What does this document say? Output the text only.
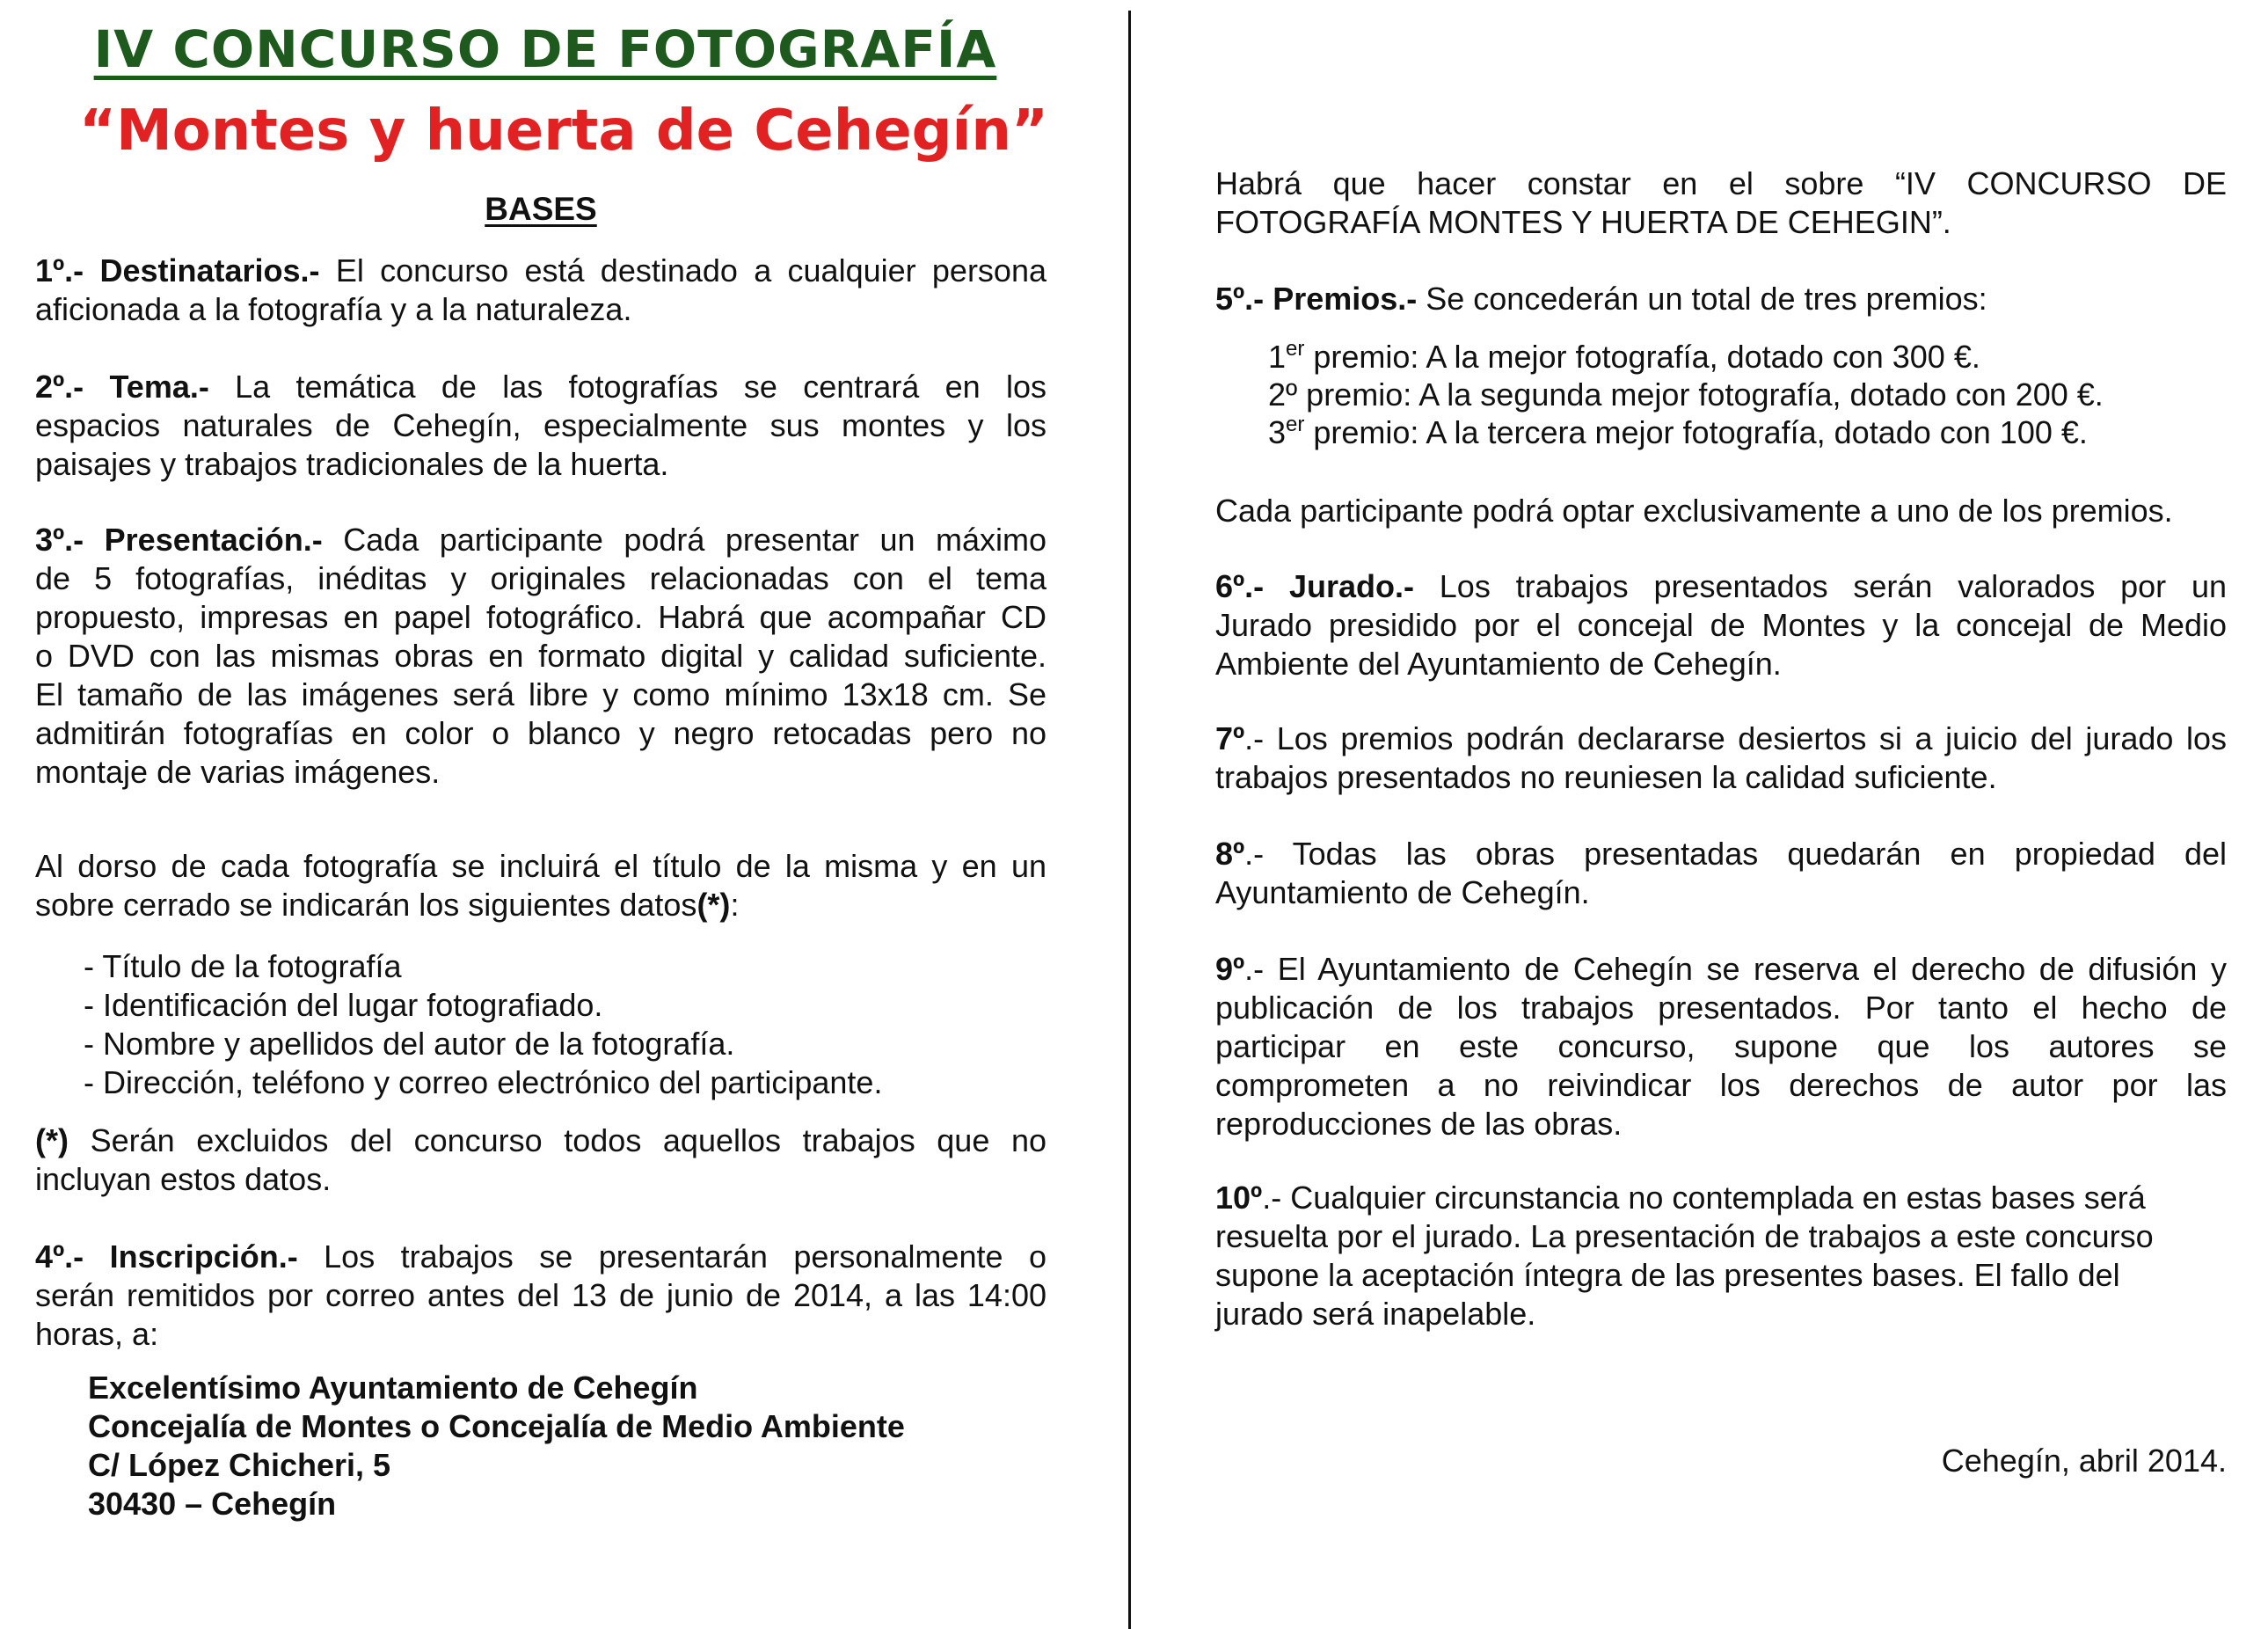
IV CONCURSO DE FOTOGRAFÍA
“Montes y huerta de Cehegín”
BASES
1º.- Destinatarios.- El concurso está destinado a cualquier persona
aficionada a la fotografía y a la naturaleza.
2º.- Tema.- La temática de las fotografías se centrará en los
espacios naturales de Cehegín, especialmente sus montes y los
paisajes y trabajos tradicionales de la huerta.
3º.- Presentación.- Cada participante podrá presentar un máximo
de 5 fotografías, inéditas y originales relacionadas con el tema
propuesto, impresas en papel fotográfico. Habrá que acompañar CD
o DVD con las mismas obras en formato digital y calidad suficiente.
El tamaño de las imágenes será libre y como mínimo 13x18 cm. Se
admitirán fotografías en color o blanco y negro retocadas pero no
montaje de varias imágenes.
Al dorso de cada fotografía se incluirá el título de la misma y en un
sobre cerrado se indicarán los siguientes datos(*):
- Título de la fotografía
- Identificación del lugar fotografiado.
- Nombre y apellidos del autor de la fotografía.
- Dirección, teléfono y correo electrónico del participante.
(*) Serán excluidos del concurso todos aquellos trabajos que no
incluyan estos datos.
4º.- Inscripción.- Los trabajos se presentarán personalmente o
serán remitidos por correo antes del 13 de junio de 2014, a las 14:00
horas, a:
Excelentísimo Ayuntamiento de Cehegín
Concejalía de Montes o Concejalía de Medio Ambiente
C/ López Chicheri, 5
30430 – Cehegín
Habrá que hacer constar en el sobre “IV CONCURSO DE
FOTOGRAFÍA MONTES Y HUERTA DE CEHEGIN”.
5º.- Premios.- Se concederán un total de tres premios:
1er premio: A la mejor fotografía, dotado con 300 €.
2º premio: A la segunda mejor fotografía, dotado con 200 €.
3er premio: A la tercera mejor fotografía, dotado con 100 €.
Cada participante podrá optar exclusivamente a uno de los premios.
6º.- Jurado.- Los trabajos presentados serán valorados por un
Jurado presidido por el concejal de Montes y la concejal de Medio
Ambiente del Ayuntamiento de Cehegín.
7º.- Los premios podrán declararse desiertos si a juicio del jurado los
trabajos presentados no reuniesen la calidad suficiente.
8º.- Todas las obras presentadas quedarán en propiedad del
Ayuntamiento de Cehegín.
9º.- El Ayuntamiento de Cehegín se reserva el derecho de difusión y
publicación de los trabajos presentados. Por tanto el hecho de
participar en este concurso, supone que los autores se
comprometen a no reivindicar los derechos de autor por las
reproducciones de las obras.
10º.- Cualquier circunstancia no contemplada en estas bases será
resuelta por el jurado. La presentación de trabajos a este concurso
supone la aceptación íntegra de las presentes bases. El fallo del
jurado será inapelable.
Cehegín, abril 2014.
